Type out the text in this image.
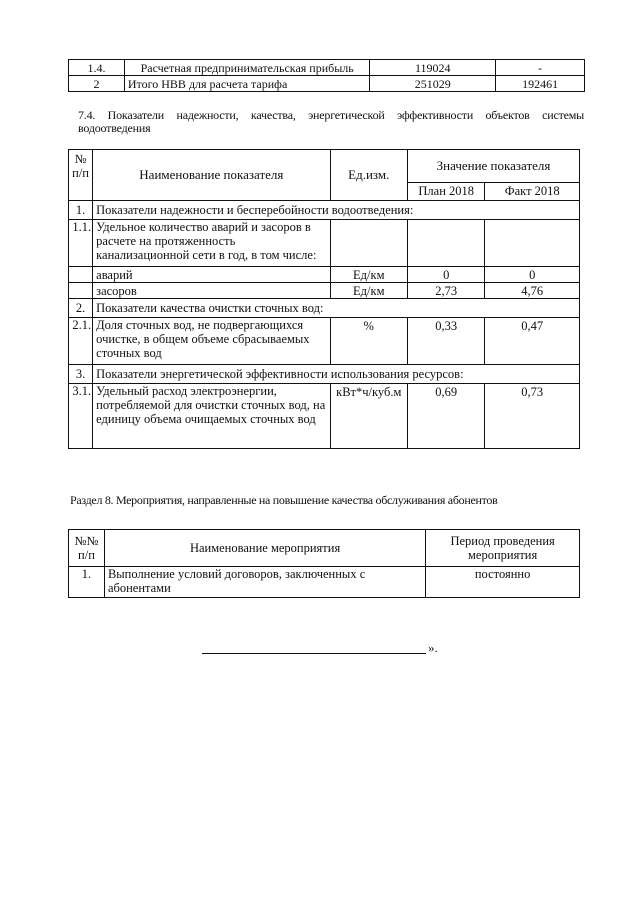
1.4.	Расчетная предпринимательская прибыль	119024	-
2	Итого НВВ для расчета тарифа	251029	192461
7.4. Показатели надежности, качества, энергетической эффективности объектов системы водоотведения
№ п/п	Наименование показателя	Ед.изм.	Значение показателя	
			План 2018	Факт 2018
1.	Показатели надежности и бесперебойности водоотведения:			
1.1.	Удельное количество аварий и засоров в расчете на протяженность канализационной сети в год, в том числе:			
	аварий	Ед/км	0	0
	засоров	Ед/км	2,73	4,76
2.	Показатели качества очистки сточных вод:			
2.1.	Доля сточных вод, не подвергающихся очистке, в общем объеме сбрасываемых сточных вод	%	0,33	0,47
3.	Показатели энергетической эффективности использования ресурсов:			
3.1.	Удельный расход электроэнергии, потребляемой для очистки сточных вод, на единицу объема очищаемых сточных вод	кВт*ч/куб.м	0,69	0,73
Раздел 8. Мероприятия, направленные на повышение качества обслуживания абонентов
№№ п/п	Наименование мероприятия	Период проведения мероприятия
1.	Выполнение условий договоров, заключенных с абонентами	постоянно
».
